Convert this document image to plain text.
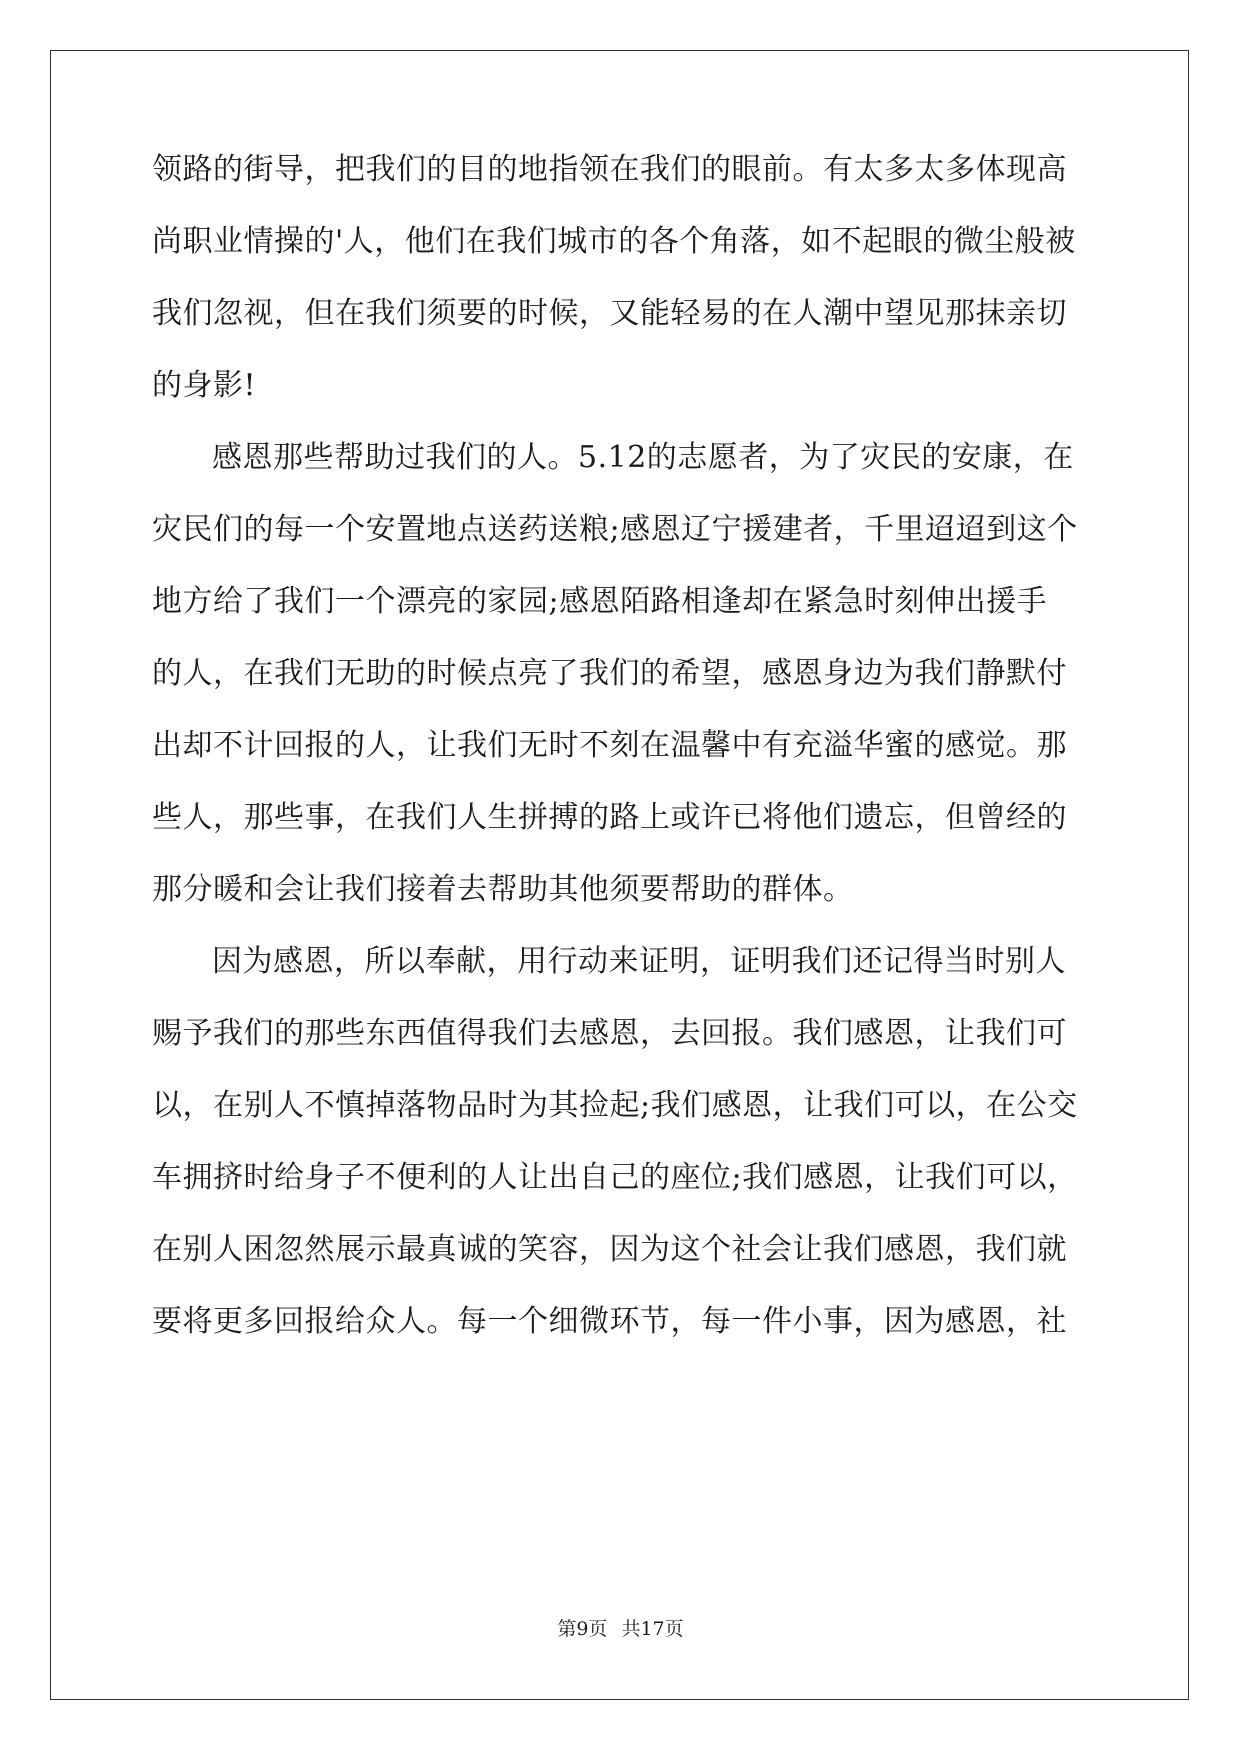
领路的街导，把我们的目的地指领在我们的眼前。有太多太多体现高
尚职业情操的'人，他们在我们城市的各个角落，如不起眼的微尘般被
我们忽视，但在我们须要的时候，又能轻易的在人潮中望见那抹亲切
的身影!
感恩那些帮助过我们的人。5.12的志愿者，为了灾民的安康，在
灾民们的每一个安置地点送药送粮;感恩辽宁援建者，千里迢迢到这个
地方给了我们一个漂亮的家园;感恩陌路相逢却在紧急时刻伸出援手
的人，在我们无助的时候点亮了我们的希望，感恩身边为我们静默付
出却不计回报的人，让我们无时不刻在温馨中有充溢华蜜的感觉。那
些人，那些事，在我们人生拼搏的路上或许已将他们遗忘，但曾经的
那分暖和会让我们接着去帮助其他须要帮助的群体。
因为感恩，所以奉献，用行动来证明，证明我们还记得当时别人
赐予我们的那些东西值得我们去感恩，去回报。我们感恩，让我们可
以，在别人不慎掉落物品时为其捡起;我们感恩，让我们可以，在公交
车拥挤时给身子不便利的人让出自己的座位;我们感恩，让我们可以，
在别人困忽然展示最真诚的笑容，因为这个社会让我们感恩，我们就
要将更多回报给众人。每一个细微环节，每一件小事，因为感恩，社
第9页 共17页
